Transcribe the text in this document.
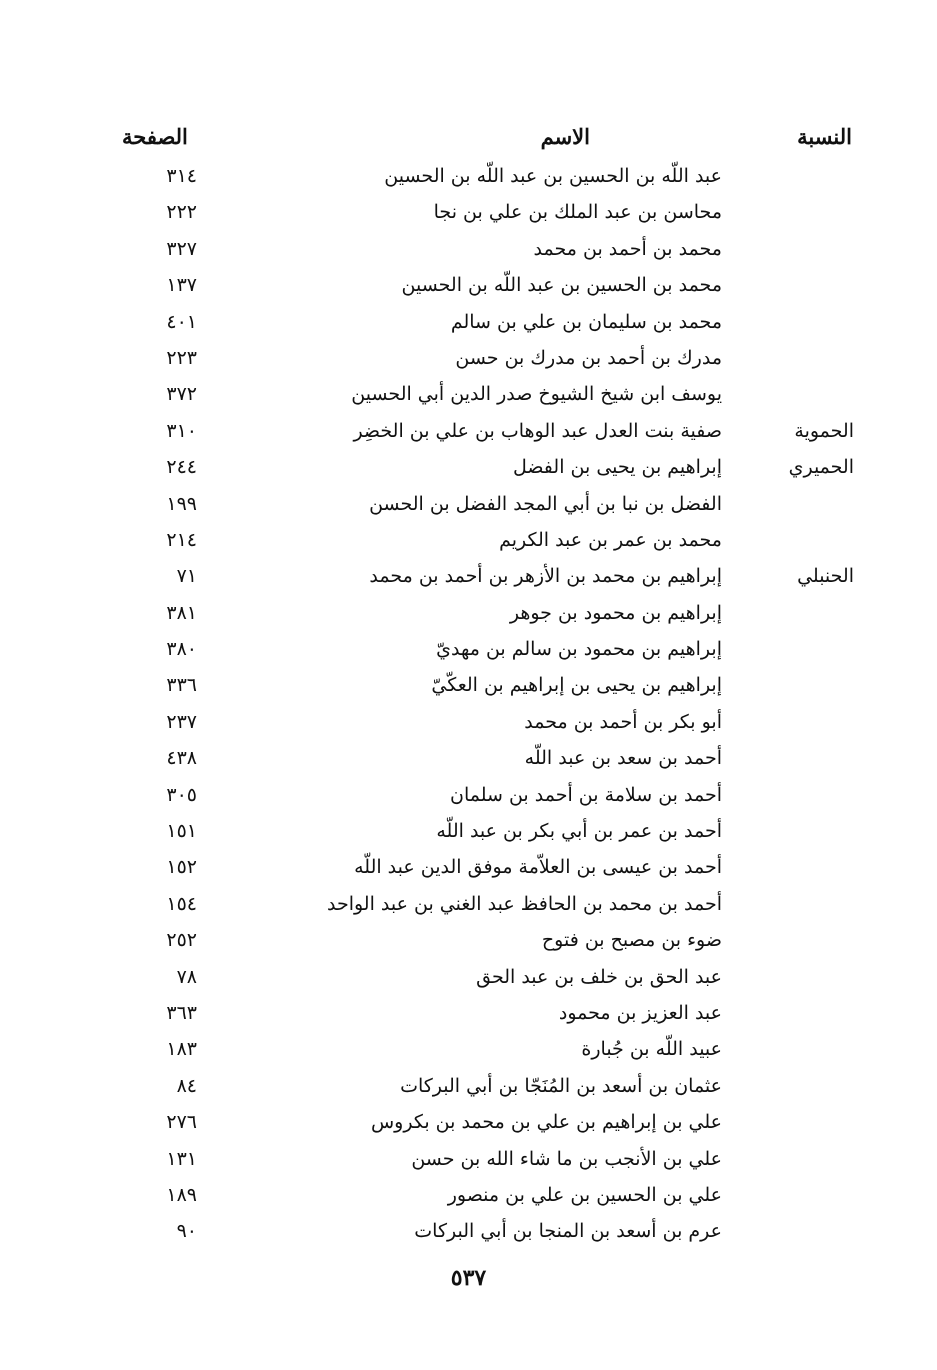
النسبة
الاسم
الصفحة
عبد اللّه بن الحسين بن عبد اللّه بن الحسين
٣١٤
محاسن بن عبد الملك بن علي بن نجا
٢٢٢
محمد بن أحمد بن محمد
٣٢٧
محمد بن الحسين بن عبد اللّه بن الحسين
١٣٧
محمد بن سليمان بن علي بن سالم
٤٠١
مدرك بن أحمد بن مدرك بن حسن
٢٢٣
يوسف ابن شيخ الشيوخ صدر الدين أبي الحسين
٣٧٢
الحموية
صفية بنت العدل عبد الوهاب بن علي بن الخضِر
٣١٠
الحميري
إبراهيم بن يحيى بن الفضل
٢٤٤
الفضل بن نبا بن أبي المجد الفضل بن الحسن
١٩٩
محمد بن عمر بن عبد الكريم
٢١٤
الحنبلي
إبراهيم بن محمد بن الأزهر بن أحمد بن محمد
٧١
إبراهيم بن محمود بن جوهر
٣٨١
إبراهيم بن محمود بن سالم بن مهديّ
٣٨٠
إبراهيم بن يحيى بن إبراهيم بن العكّيّ
٣٣٦
أبو بكر بن أحمد بن محمد
٢٣٧
أحمد بن سعد بن عبد اللّه
٤٣٨
أحمد بن سلامة بن أحمد بن سلمان
٣٠٥
أحمد بن عمر بن أبي بكر بن عبد اللّه
١٥١
أحمد بن عيسى بن العلاّمة موفق الدين عبد اللّه
١٥٢
أحمد بن محمد بن الحافظ عبد الغني بن عبد الواحد
١٥٤
ضوء بن مصبح بن فتوح
٢٥٢
عبد الحق بن خلف بن عبد الحق
٧٨
عبد العزيز بن محمود
٣٦٣
عبيد اللّه بن جُبارة
١٨٣
عثمان بن أسعد بن المُنَجّا بن أبي البركات
٨٤
علي بن إبراهيم بن علي بن محمد بن بكروس
٢٧٦
علي بن الأنجب بن ما شاء الله بن حسن
١٣١
علي بن الحسين بن علي بن منصور
١٨٩
عرم بن أسعد بن المنجا بن أبي البركات
٩٠
٥٣٧
